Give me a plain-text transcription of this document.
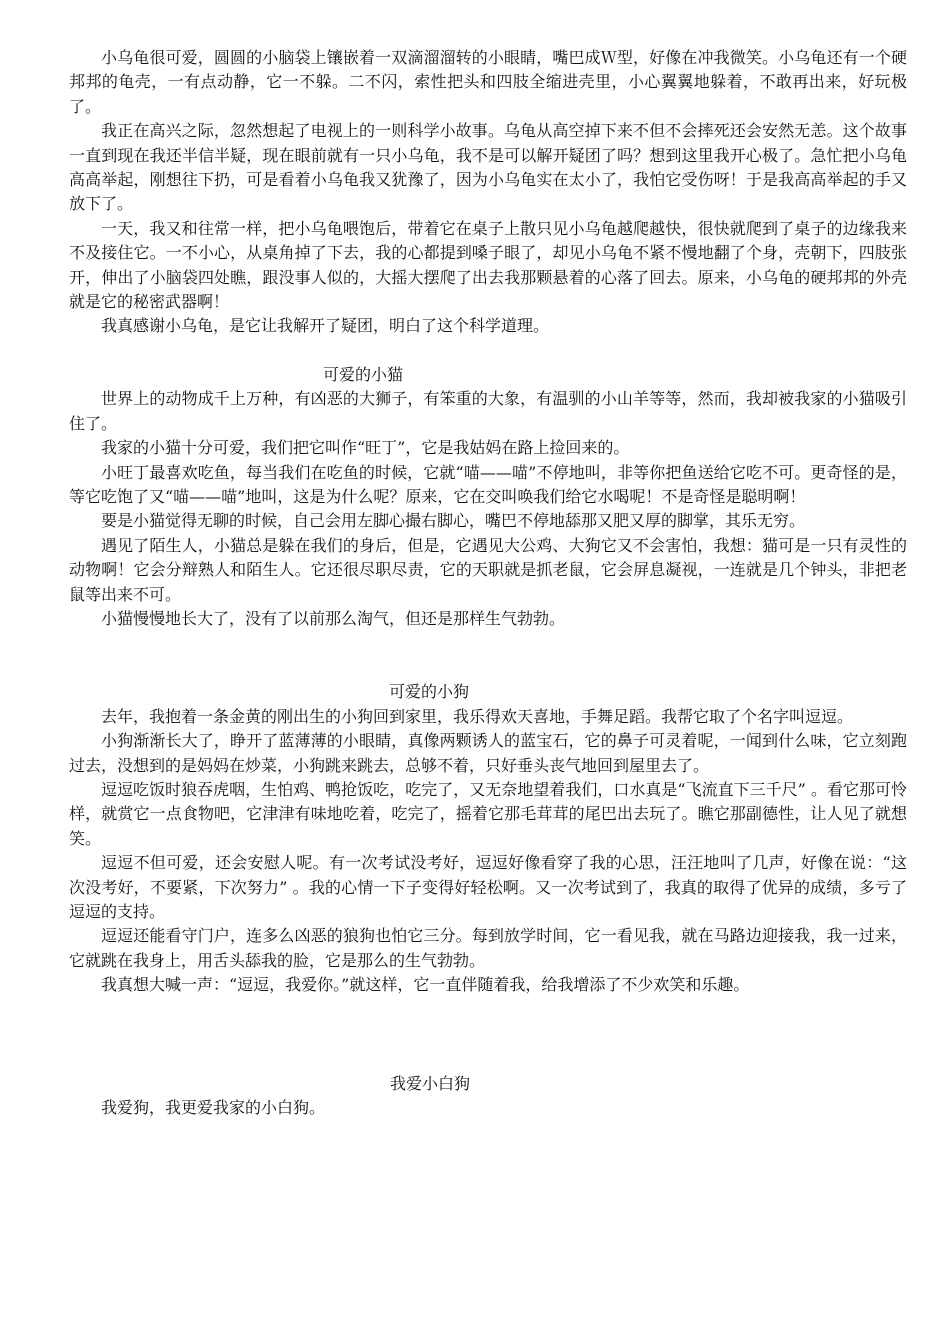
小乌龟很可爱，圆圆的小脑袋上镶嵌着一双滴溜溜转的小眼睛，嘴巴成Ｗ型，好像在冲我微笑。小乌龟还有一个硬邦邦的龟壳，一有点动静，它一不躲。二不闪，索性把头和四肢全缩进壳里，小心翼翼地躲着，不敢再出来，好玩极了。

我正在高兴之际，忽然想起了电视上的一则科学小故事。乌龟从高空掉下来不但不会摔死还会安然无恙。这个故事一直到现在我还半信半疑，现在眼前就有一只小乌龟，我不是可以解开疑团了吗？想到这里我开心极了。急忙把小乌龟高高举起，刚想往下扔，可是看着小乌龟我又犹豫了，因为小乌龟实在太小了，我怕它受伤呀！于是我高高举起的手又放下了。

一天，我又和往常一样，把小乌龟喂饱后，带着它在桌子上散只见小乌龟越爬越快，很快就爬到了桌子的边缘我来不及接住它。一不小心，从桌角掉了下去，我的心都提到嗓子眼了，却见小乌龟不紧不慢地翻了个身，壳朝下，四肢张开，伸出了小脑袋四处瞧，跟没事人似的，大摇大摆爬了出去我那颗悬着的心落了回去。原来，小乌龟的硬邦邦的外壳就是它的秘密武器啊！

我真感谢小乌龟，是它让我解开了疑团，明白了这个科学道理。

可爱的小猫

世界上的动物成千上万种，有凶恶的大狮子，有笨重的大象，有温驯的小山羊等等，然而，我却被我家的小猫吸引住了。

我家的小猫十分可爱，我们把它叫作“旺丁”，它是我姑妈在路上捡回来的。

小旺丁最喜欢吃鱼，每当我们在吃鱼的时候，它就“喵——喵”不停地叫，非等你把鱼送给它吃不可。更奇怪的是，等它吃饱了又“喵——喵”地叫，这是为什么呢？原来，它在交叫唤我们给它水喝呢！不是奇怪是聪明啊！

要是小猫觉得无聊的时候，自己会用左脚心撮右脚心，嘴巴不停地舔那又肥又厚的脚掌，其乐无穷。

遇见了陌生人，小猫总是躲在我们的身后，但是，它遇见大公鸡、大狗它又不会害怕，我想：猫可是一只有灵性的动物啊！它会分辩熟人和陌生人。它还很尽职尽责，它的天职就是抓老鼠，它会屏息凝视，一连就是几个钟头，非把老鼠等出来不可。

小猫慢慢地长大了，没有了以前那么淘气，但还是那样生气勃勃。

可爱的小狗

去年，我抱着一条金黄的刚出生的小狗回到家里，我乐得欢天喜地，手舞足蹈。我帮它取了个名字叫逗逗。

小狗渐渐长大了，睁开了蓝薄薄的小眼睛，真像两颗诱人的蓝宝石，它的鼻子可灵着呢，一闻到什么味，它立刻跑过去，没想到的是妈妈在炒菜，小狗跳来跳去，总够不着，只好垂头丧气地回到屋里去了。

逗逗吃饭时狼吞虎咽，生怕鸡、鸭抢饭吃，吃完了，又无奈地望着我们，口水真是“飞流直下三千尺” 。看它那可怜样，就赏它一点食物吧，它津津有味地吃着，吃完了，摇着它那毛茸茸的尾巴出去玩了。瞧它那副德性，让人见了就想笑。

逗逗不但可爱，还会安慰人呢。有一次考试没考好，逗逗好像看穿了我的心思，汪汪地叫了几声，好像在说：“这次没考好，不要紧，下次努力” 。我的心情一下子变得好轻松啊。又一次考试到了，我真的取得了优异的成绩，多亏了逗逗的支持。

逗逗还能看守门户，连多么凶恶的狼狗也怕它三分。每到放学时间，它一看见我，就在马路边迎接我，我一过来，它就跳在我身上，用舌头舔我的脸，它是那么的生气勃勃。

我真想大喊一声：“逗逗，我爱你。”就这样，它一直伴随着我，给我增添了不少欢笑和乐趣。

我爱小白狗

我爱狗，我更爱我家的小白狗。
